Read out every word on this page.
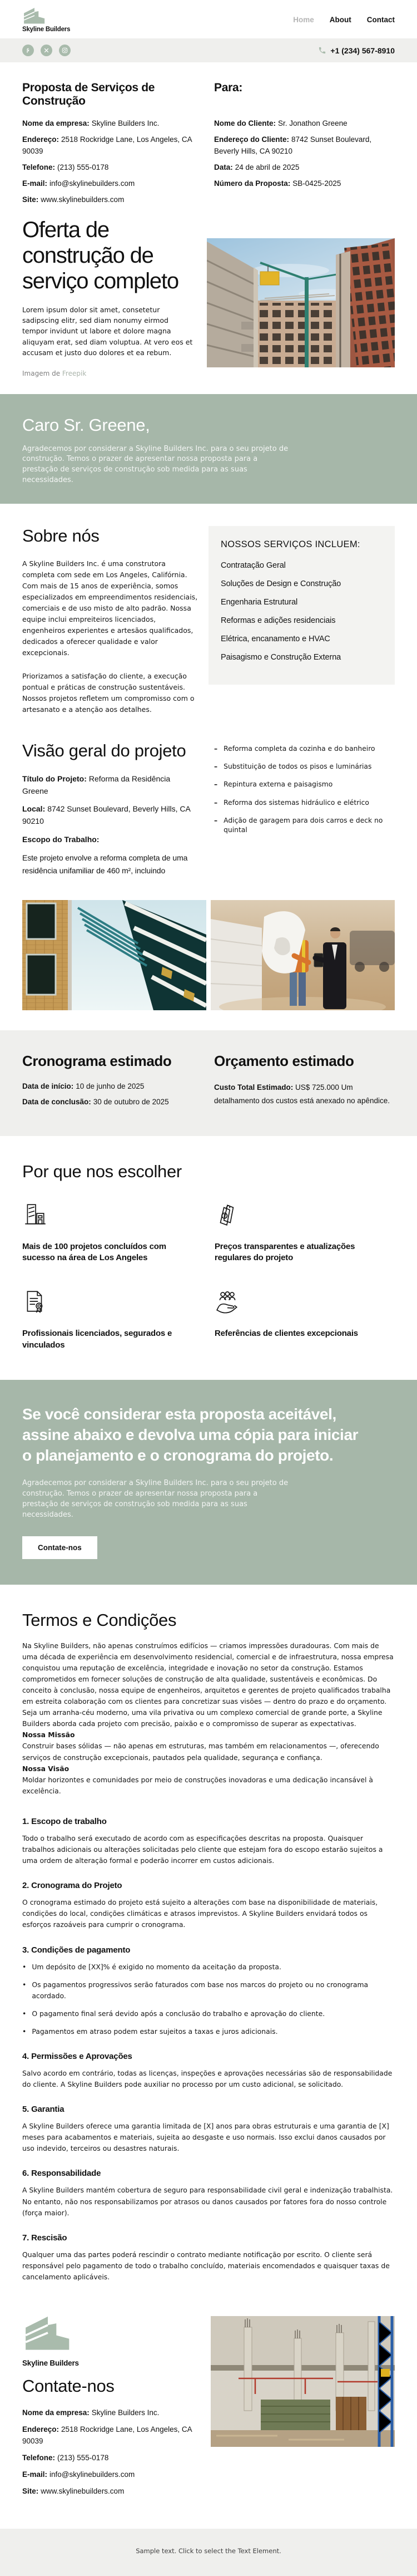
Skyline Builders
Home About Contact
+1 (234) 567-8910
Proposta de Serviços de Construção
Para:

Nome da empresa: Skyline Builders Inc.

Endereço: 2518 Rockridge Lane, Los Angeles, CA 90039

Telefone: (213) 555-0178

E-mail: info@skylinebuilders.com

Site: www.skylinebuilders.com

Nome do Cliente: Sr. Jonathon Greene

Endereço do Cliente: 8742 Sunset Boulevard, Beverly Hills, CA 90210

Data: 24 de abril de 2025

Número da Proposta: SB-0425-2025

Oferta de construção de serviço completo

Lorem ipsum dolor sit amet, consetetur sadipscing elitr, sed diam nonumy eirmod tempor invidunt ut labore et dolore magna aliquyam erat, sed diam voluptua. At vero eos et accusam et justo duo dolores et ea rebum.

Imagem de Freepik

Caro Sr. Greene,

Agradecemos por considerar a Skyline Builders Inc. para o seu projeto de construção. Temos o prazer de apresentar nossa proposta para a prestação de serviços de construção sob medida para as suas necessidades.

Sobre nós

A Skyline Builders Inc. é uma construtora completa com sede em Los Angeles, Califórnia. Com mais de 15 anos de experiência, somos especializados em empreendimentos residenciais, comerciais e de uso misto de alto padrão. Nossa equipe inclui empreiteiros licenciados, engenheiros experientes e artesãos qualificados, dedicados a oferecer qualidade e valor excepcionais.

Priorizamos a satisfação do cliente, a execução pontual e práticas de construção sustentáveis. Nossos projetos refletem um compromisso com o artesanato e a atenção aos detalhes.

NOSSOS SERVIÇOS INCLUEM:
Contratação Geral
Soluções de Design e Construção
Engenharia Estrutural
Reformas e adições residenciais
Elétrica, encanamento e HVAC
Paisagismo e Construção Externa
Visão geral do projeto

Título do Projeto: Reforma da Residência Greene

Local: 8742 Sunset Boulevard, Beverly Hills, CA 90210

Escopo do Trabalho:

Este projeto envolve a reforma completa de uma residência unifamiliar de 460 m², incluindo

– Reforma completa da cozinha e do banheiro
– Substituição de todos os pisos e luminárias
– Repintura externa e paisagismo
– Reforma dos sistemas hidráulico e elétrico
– Adição de garagem para dois carros e deck no quintal
Cronograma estimado

Data de início: 10 de junho de 2025

Data de conclusão: 30 de outubro de 2025

Orçamento estimado

Custo Total Estimado: US$ 725.000 Um detalhamento dos custos está anexado no apêndice.

Por que nos escolher

Mais de 100 projetos concluídos com sucesso na área de Los Angeles

Preços transparentes e atualizações regulares do projeto

Profissionais licenciados, segurados e vinculados

Referências de clientes excepcionais

Se você considerar esta proposta aceitável, assine abaixo e devolva uma cópia para iniciar o planejamento e o cronograma do projeto.

Agradecemos por considerar a Skyline Builders Inc. para o seu projeto de construção. Temos o prazer de apresentar nossa proposta para a prestação de serviços de construção sob medida para as suas necessidades.

Contate-nos
Termos e Condições

Na Skyline Builders, não apenas construímos edifícios — criamos impressões duradouras. Com mais de uma década de experiência em desenvolvimento residencial, comercial e de infraestrutura, nossa empresa conquistou uma reputação de excelência, integridade e inovação no setor da construção. Estamos comprometidos em fornecer soluções de construção de alta qualidade, sustentáveis e econômicas. Do conceito à conclusão, nossa equipe de engenheiros, arquitetos e gerentes de projeto qualificados trabalha em estreita colaboração com os clientes para concretizar suas visões — dentro do prazo e do orçamento. Seja um arranha-céu moderno, uma vila privativa ou um complexo comercial de grande porte, a Skyline Builders aborda cada projeto com precisão, paixão e o compromisso de superar as expectativas.

Nossa Missão

Construir bases sólidas — não apenas em estruturas, mas também em relacionamentos —, oferecendo serviços de construção excepcionais, pautados pela qualidade, segurança e confiança.

Nossa Visão

Moldar horizontes e comunidades por meio de construções inovadoras e uma dedicação incansável à excelência.

1. Escopo de trabalho

Todo o trabalho será executado de acordo com as especificações descritas na proposta. Quaisquer trabalhos adicionais ou alterações solicitadas pelo cliente que estejam fora do escopo estarão sujeitos a uma ordem de alteração formal e poderão incorrer em custos adicionais.

2. Cronograma do Projeto

O cronograma estimado do projeto está sujeito a alterações com base na disponibilidade de materiais, condições do local, condições climáticas e atrasos imprevistos. A Skyline Builders envidará todos os esforços razoáveis para cumprir o cronograma.

3. Condições de pagamento
• Um depósito de [XX]% é exigido no momento da aceitação da proposta.
• Os pagamentos progressivos serão faturados com base nos marcos do projeto ou no cronograma acordado.
• O pagamento final será devido após a conclusão do trabalho e aprovação do cliente.
• Pagamentos em atraso podem estar sujeitos a taxas e juros adicionais.
4. Permissões e Aprovações

Salvo acordo em contrário, todas as licenças, inspeções e aprovações necessárias são de responsabilidade do cliente. A Skyline Builders pode auxiliar no processo por um custo adicional, se solicitado.

5. Garantia

A Skyline Builders oferece uma garantia limitada de [X] anos para obras estruturais e uma garantia de [X] meses para acabamentos e materiais, sujeita ao desgaste e uso normais. Isso exclui danos causados por uso indevido, terceiros ou desastres naturais.

6. Responsabilidade

A Skyline Builders mantém cobertura de seguro para responsabilidade civil geral e indenização trabalhista. No entanto, não nos responsabilizamos por atrasos ou danos causados por fatores fora do nosso controle (força maior).

7. Rescisão

Qualquer uma das partes poderá rescindir o contrato mediante notificação por escrito. O cliente será responsável pelo pagamento de todo o trabalho concluído, materiais encomendados e quaisquer taxas de cancelamento aplicáveis.

Skyline Builders
Contate-nos

Nome da empresa: Skyline Builders Inc.

Endereço: 2518 Rockridge Lane, Los Angeles, CA 90039

Telefone: (213) 555-0178

E-mail: info@skylinebuilders.com

Site: www.skylinebuilders.com

Sample text. Click to select the Text Element.
